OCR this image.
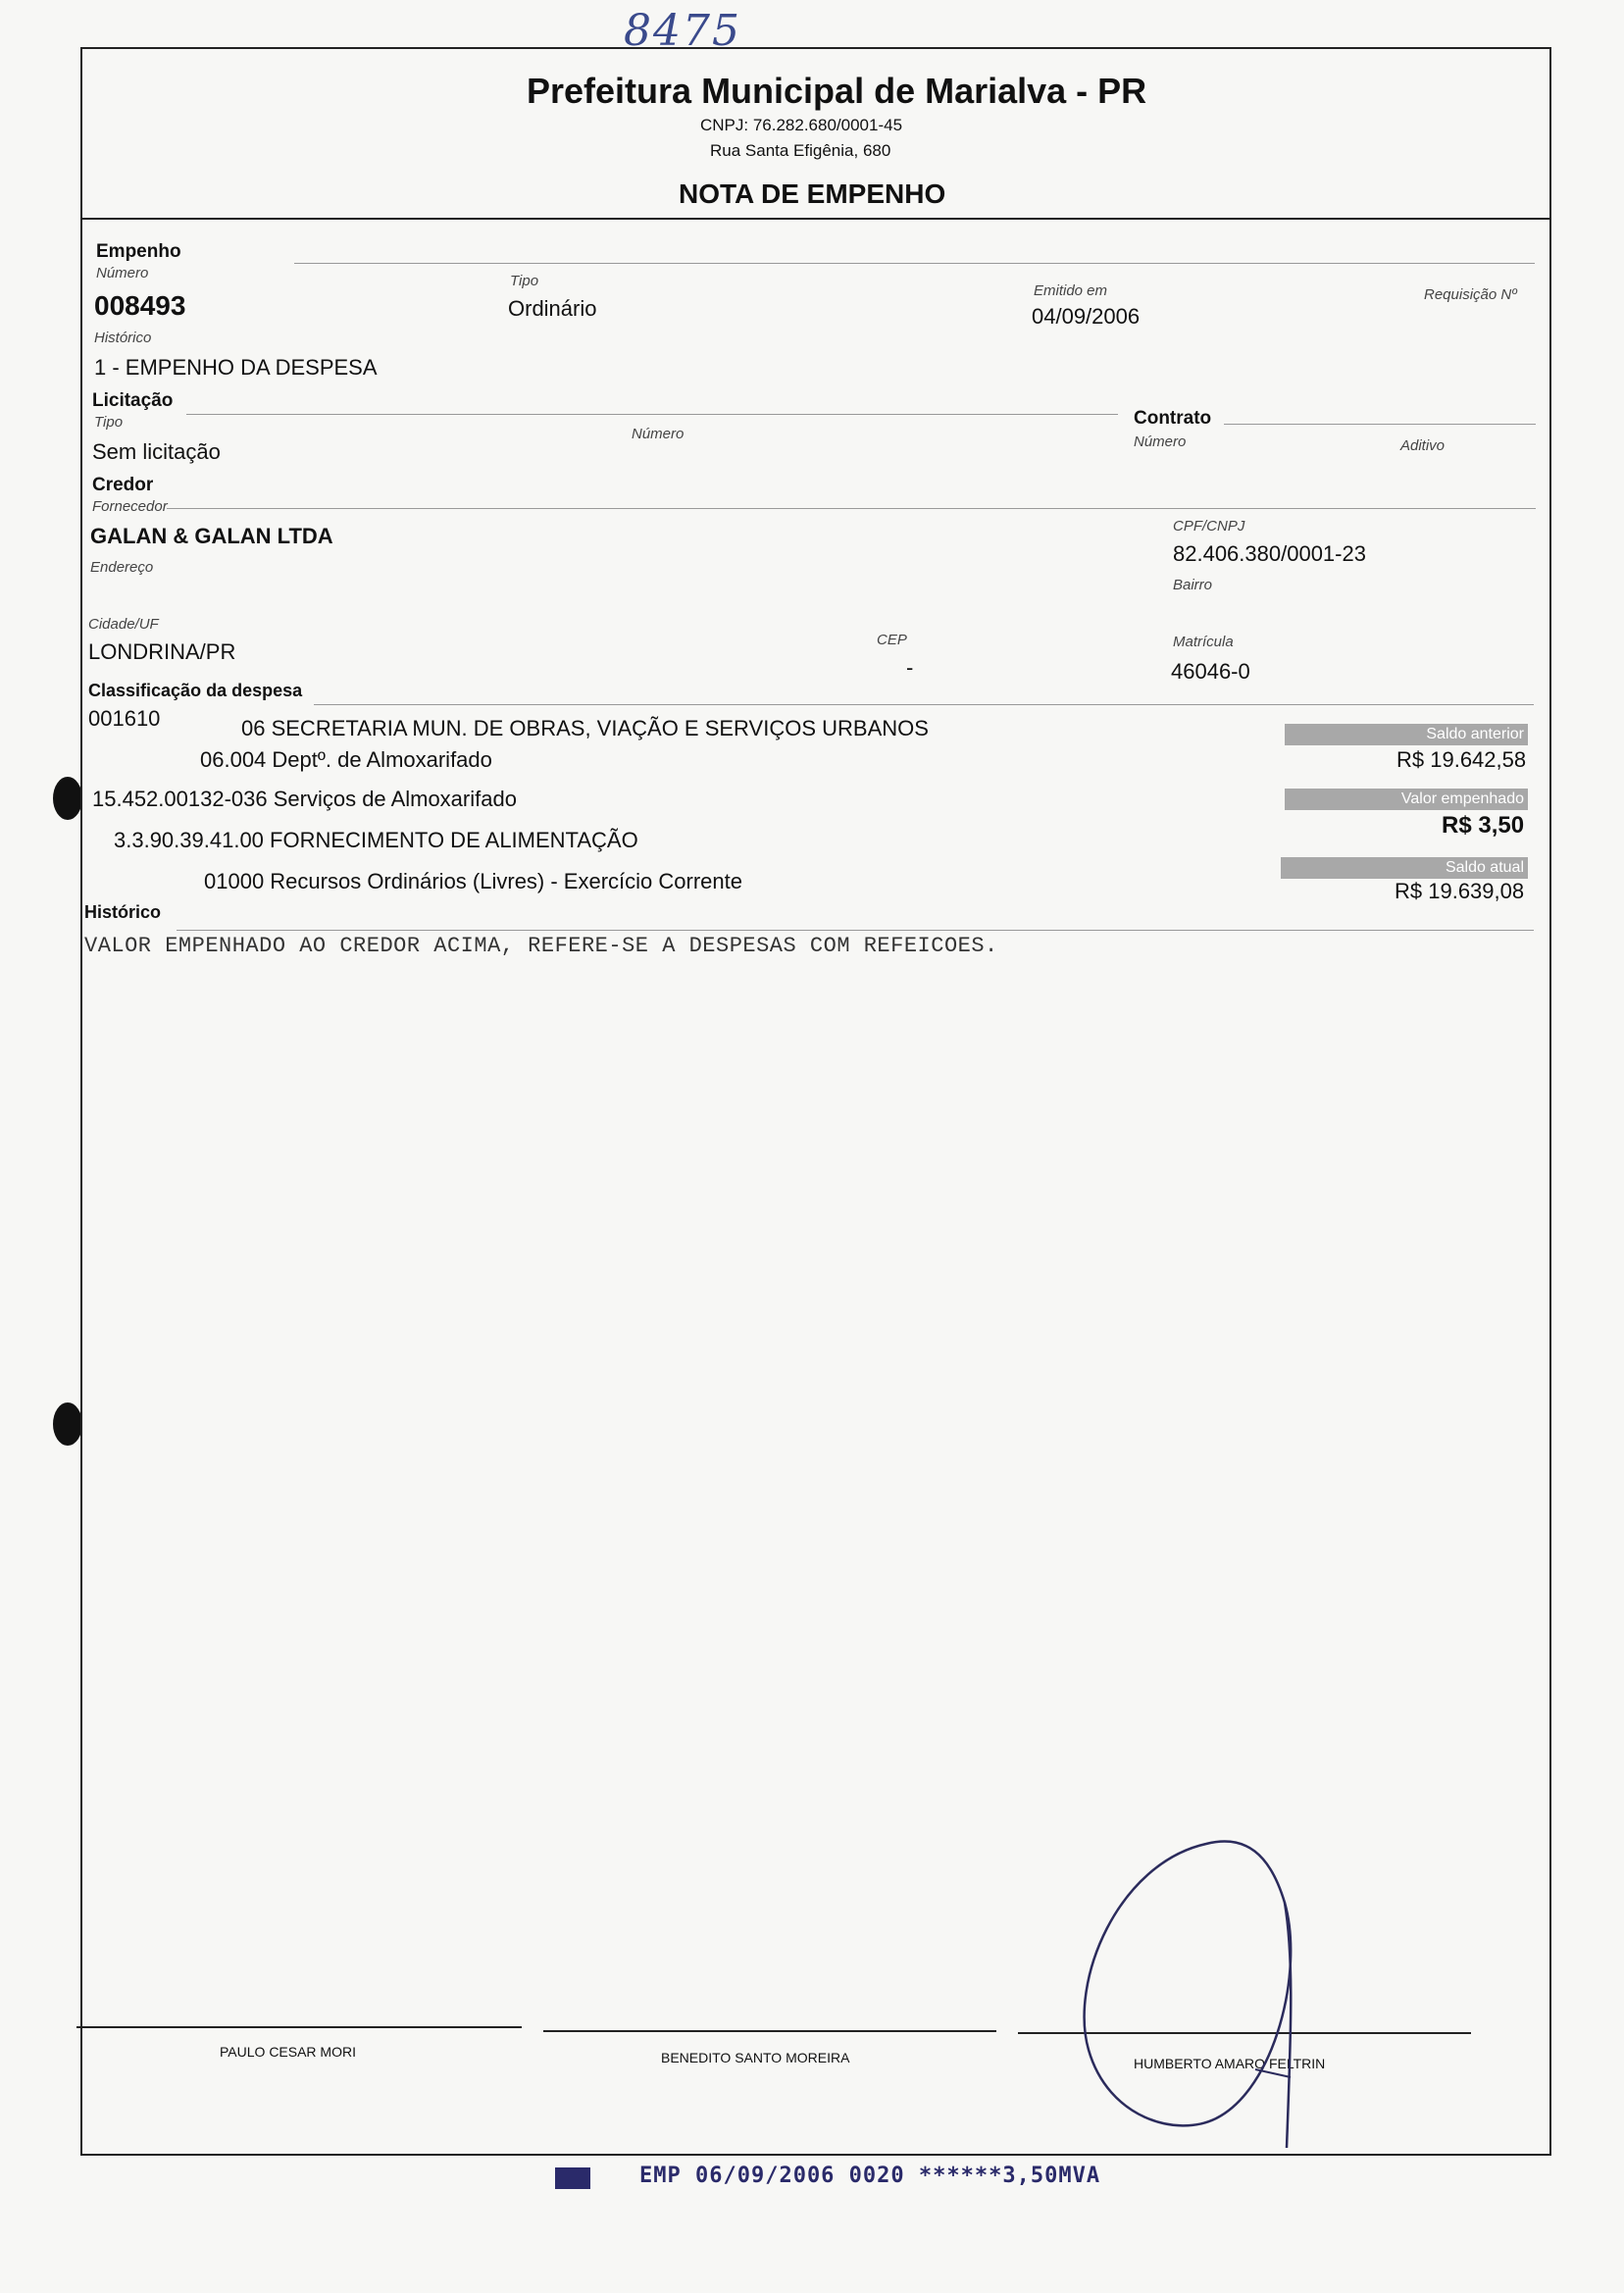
8475
Prefeitura Municipal de Marialva - PR
CNPJ: 76.282.680/0001-45
Rua Santa Efigênia, 680
NOTA DE EMPENHO
Empenho
Número
008493
Tipo
Ordinário
Emitido em
04/09/2006
Requisição Nº
Histórico
1 - EMPENHO DA DESPESA
Licitação
Tipo
Sem licitação
Número
Contrato
Número	Aditivo
Credor
Fornecedor
GALAN & GALAN LTDA	CPF/CNPJ
82.406.380/0001-23
Endereço
Bairro
Cidade/UF
LONDRINA/PR	CEP
-
Matrícula
46046-0
Classificação da despesa
001610	06 SECRETARIA MUN. DE OBRAS, VIAÇÃO E SERVIÇOS URBANOS
06.004 Deptº. de Almoxarifado
15.452.00132-036 Serviços de Almoxarifado
3.3.90.39.41.00 FORNECIMENTO DE ALIMENTAÇÃO
01000 Recursos Ordinários (Livres) - Exercício Corrente
Saldo anterior
R$ 19.642,58
Valor empenhado
R$ 3,50
Saldo atual
R$ 19.639,08
Histórico
VALOR EMPENHADO AO CREDOR ACIMA, REFERE-SE A DESPESAS COM REFEICOES.
PAULO CESAR MORI	BENEDITO SANTO MOREIRA	HUMBERTO AMARO FELTRIN
EMP 06/09/2006 0020 ******3,50MVA
